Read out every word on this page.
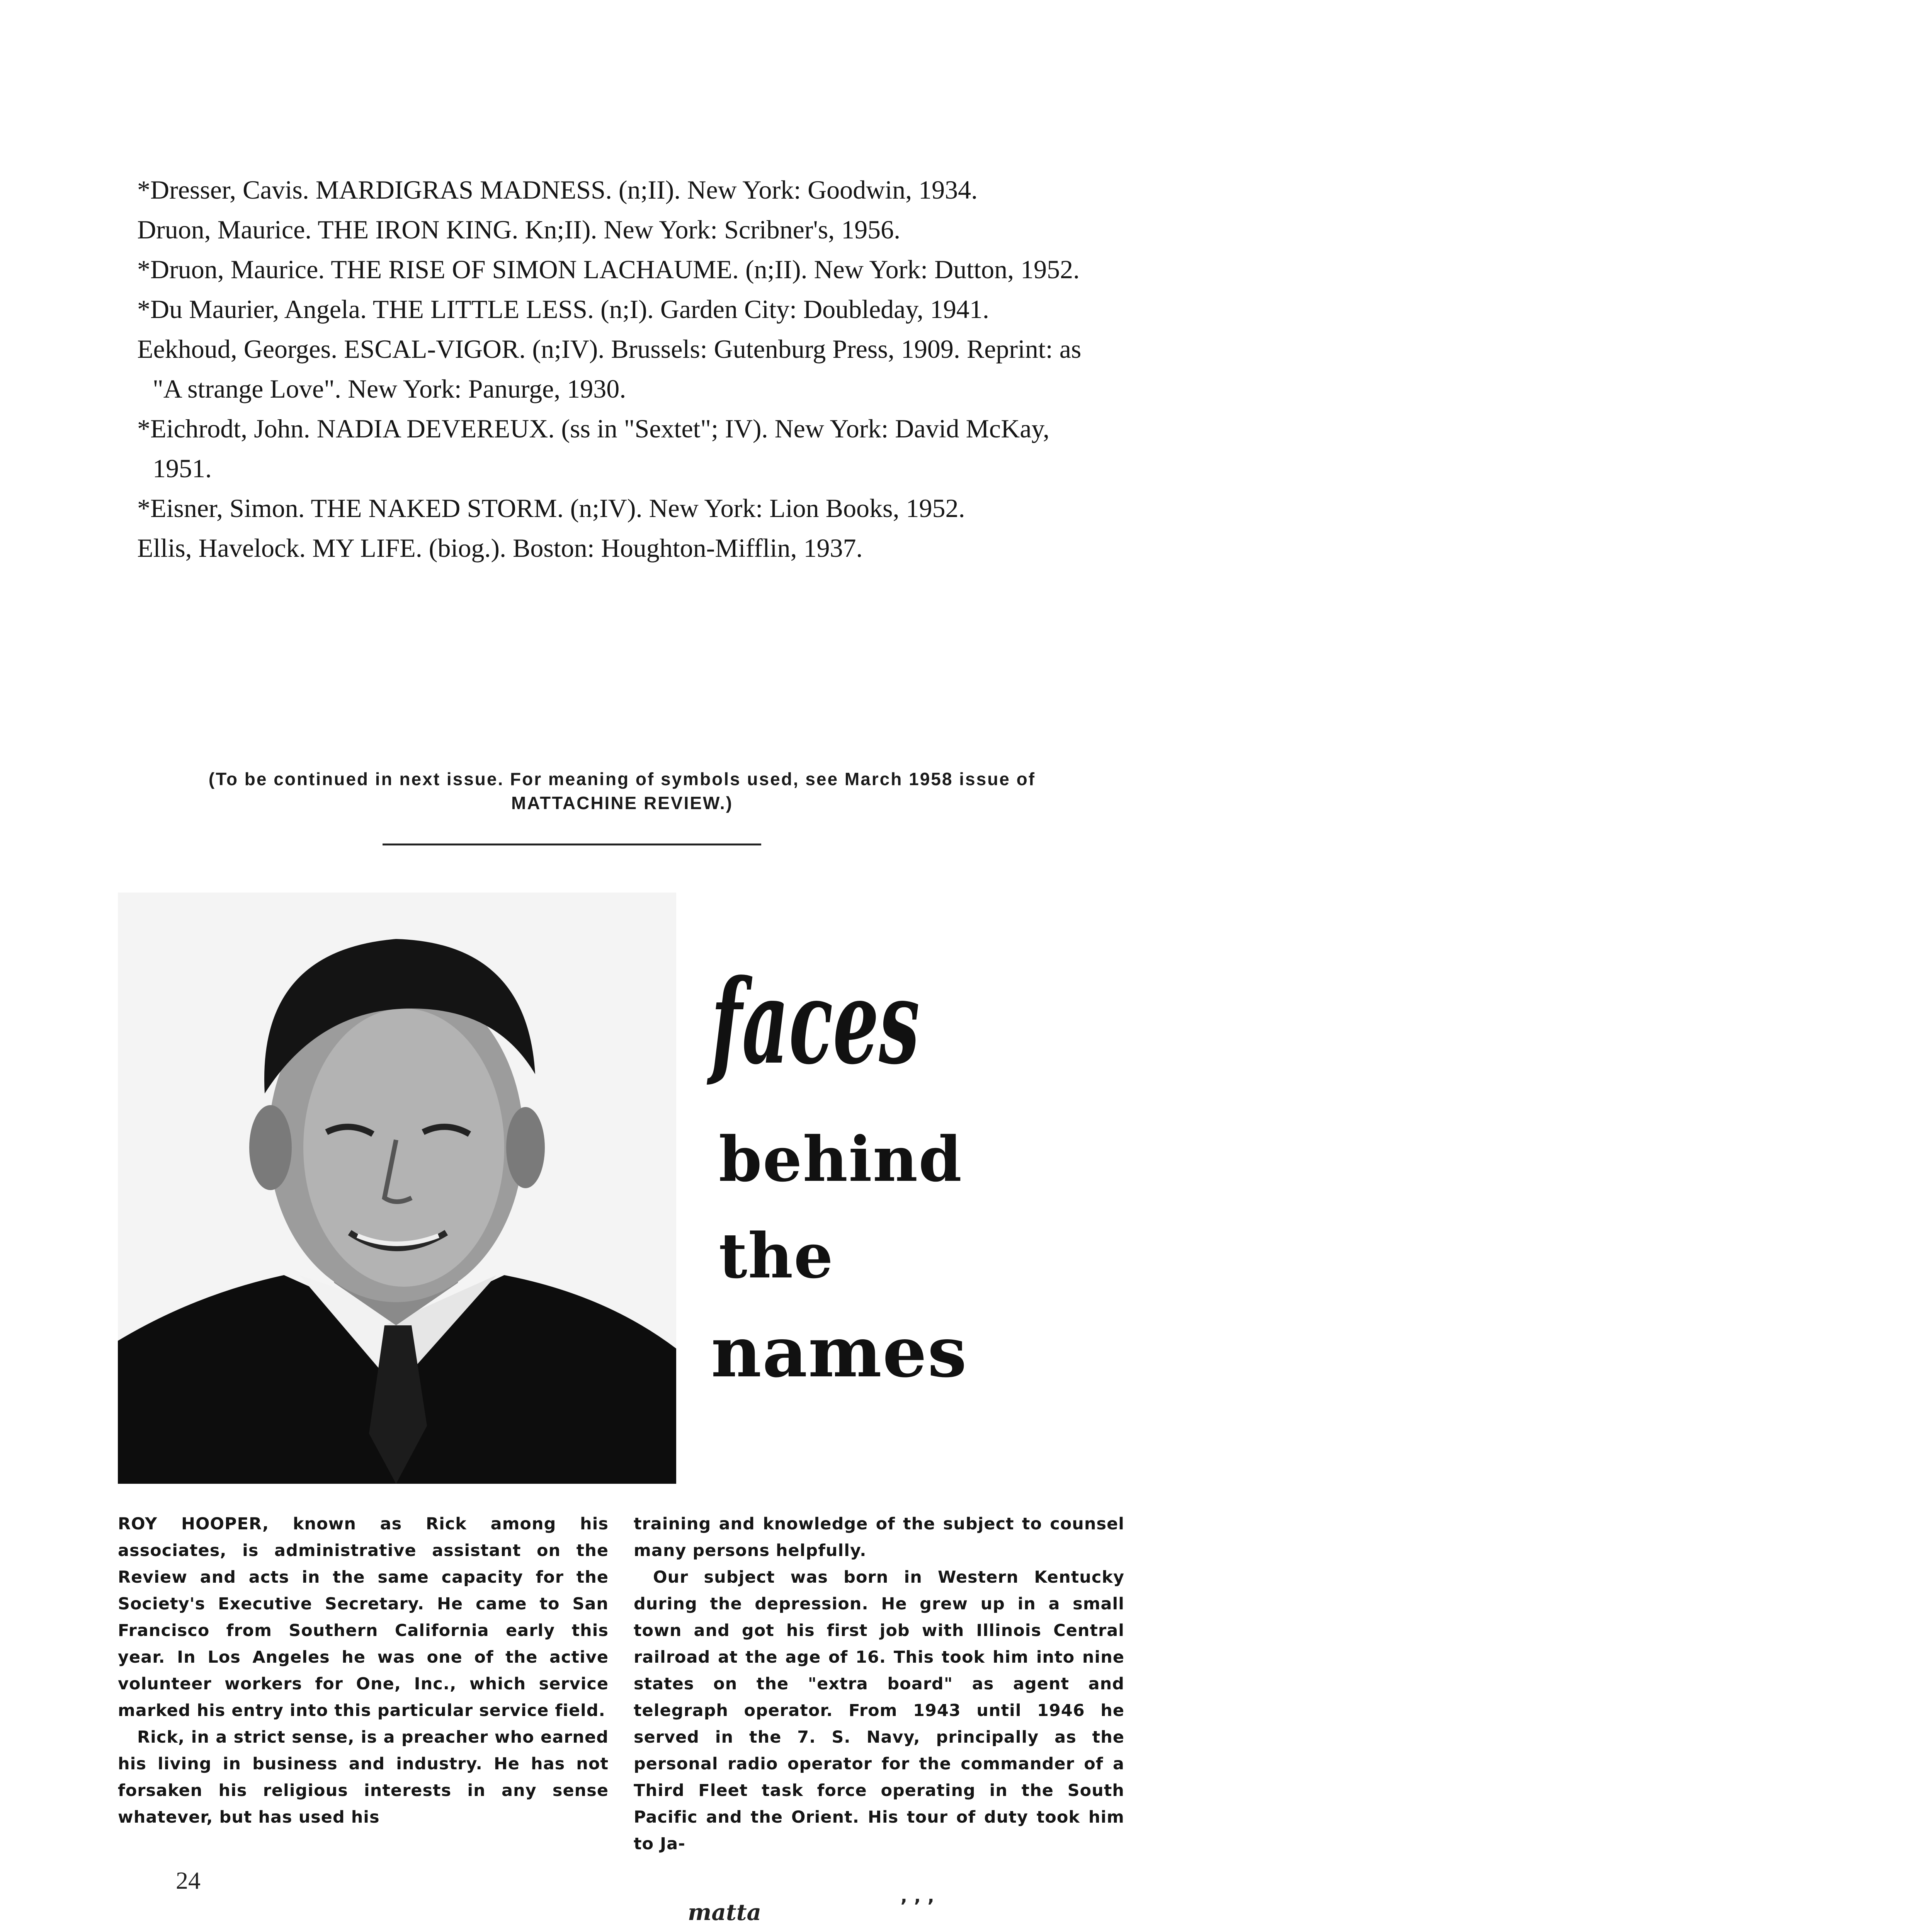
*Dresser, Cavis. MARDIGRAS MADNESS. (n;II). New York: Goodwin, 1934.

Druon, Maurice. THE IRON KING. Kn;II). New York: Scribner's, 1956.

*Druon, Maurice. THE RISE OF SIMON LACHAUME. (n;II). New York: Dutton, 1952.

*Du Maurier, Angela. THE LITTLE LESS. (n;I). Garden City: Doubleday, 1941.

Eekhoud, Georges. ESCAL-VIGOR. (n;IV). Brussels: Gutenburg Press, 1909. Reprint: as "A strange Love". New York: Panurge, 1930.

*Eichrodt, John. NADIA DEVEREUX. (ss in "Sextet"; IV). New York: David McKay, 1951.

*Eisner, Simon. THE NAKED STORM. (n;IV). New York: Lion Books, 1952.

Ellis, Havelock. MY LIFE. (biog.). Boston: Houghton-Mifflin, 1937.

(To be continued in next issue. For meaning of symbols used, see March 1958 issue of MATTACHINE REVIEW.)
faces
behind
the
names

ROY HOOPER, known as Rick among his associates, is administrative assistant on the Review and acts in the same capacity for the Society's Executive Secretary. He came to San Francisco from Southern California early this year. In Los Angeles he was one of the active volunteer workers for One, Inc., which service marked his entry into this particular service field.

Rick, in a strict sense, is a preacher who earned his living in business and industry. He has not forsaken his religious interests in any sense whatever, but has used his

training and knowledge of the subject to counsel many persons helpfully.

Our subject was born in Western Kentucky during the depression. He grew up in a small town and got his first job with Illinois Central railroad at the age of 16. This took him into nine states on the "extra board" as agent and telegraph operator. From 1943 until 1946 he served in the 7. S. Navy, principally as the personal radio operator for the commander of a Third Fleet task force operating in the South Pacific and the Orient. His tour of duty took him to Ja-

24
matta	’ ’ ’
